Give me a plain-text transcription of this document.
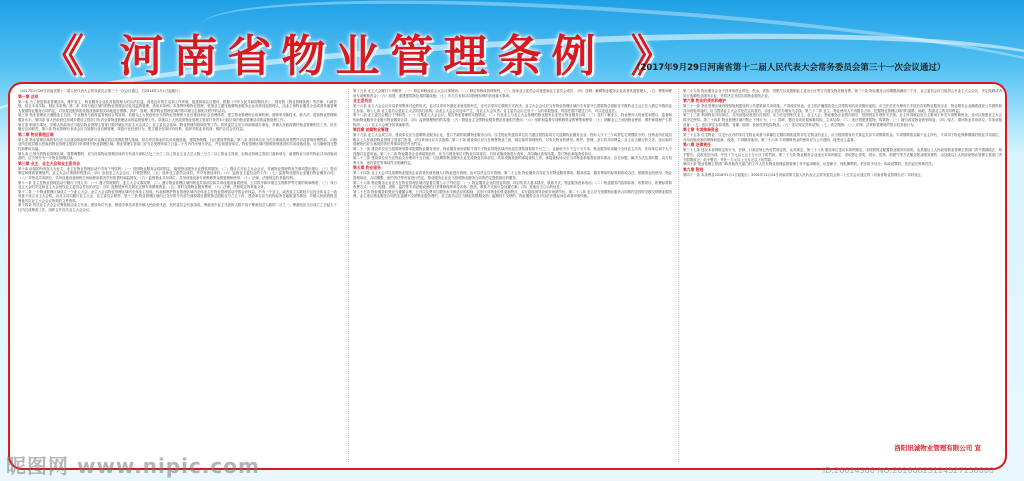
《 河南省物业管理条例 》
（2017年9月29日河南省第十二届人民代表大会常务委员会第三十一次会议通过）

（2017年9月29日河南省第十二届人民代表大会常务委员会第三十一次会议通过，自2018年1月1日起施行）

第一章 总则

第一条 为了规范物业管理活动，维护业主、物业服务企业及其他管理人的合法权益，营造良好的生活和工作环境，促进和谐社区建设，根据《中华人民共和国物权法》、国务院《物业管理条例》等法律、行政法规，结合本省实际，制定本条例。第二条 本省行政区域内的物业管理活动及其监督管理，适用本条例。本条例所称物业管理，是指业主通过选聘物业服务企业或者其他管理人，由业主和物业服务企业或者其他管理人按照物业服务合同约定，对房屋及配套的设施设备和相关场地进行维修、养护、管理，维护物业管理区域内的环境卫生和相关秩序的活动。

第三条 物业管理应当遵循业主自治、专业服务与政府监管相结合的原则。县级以上人民政府应当将物业管理纳入社区建设和社会治理体系，建立物业管理综合协调机制，鼓励采用新技术、新方法，提高物业管理和服务水平。第四条 省人民政府住房城乡建设主管部门负责全省物业管理活动的监督管理工作。县级以上人民政府物业管理主管部门负责本行政区域内物业管理活动的监督管理工作。

第五条 街道办事处、乡镇人民政府应当配合物业管理主管部门做好辖区内业主大会成立、业主委员会选举、物业管理纠纷调处等工作。居民委员会应当协助街道办事处、乡镇人民政府做好物业管理相关工作，依法履行自治职责。第六条 物业管理行业协会应当加强行业自律管理，规范行业经营行为，建立健全信用评价体系，组织开展业务培训，维护会员合法权益。

第二章 物业管理区域

第七条 物业管理区域的划分应当以建设用地规划许可证确定的红线图范围为基础，综合考虑物业的共用设施设备、建筑物规模、社区建设等因素。第八条 建设单位应当在办理商品房预售许可或者现房销售前，向物业所在地县级人民政府物业管理主管部门申请划分物业管理区域。物业管理主管部门应当自受理申请之日起二十日内作出划分决定，并告知建设单位。物业管理区域内按照规划建设的共用设施设备，应当确保其完整性和使用功能。

第九条 已划分的物业管理区域，需要调整的，应当经原物业管理区域内专有部分面积占比三分之二以上的业主且占总人数三分之二以上的业主同意，由物业管理主管部门重新划分。新建物业与原有物业共用设施设备的，应当划分为一个物业管理区域。

第三章 业主、业主大会和业主委员会

第十条 房屋的所有权人为业主。业主在物业管理活动中享有下列权利：（一）按照物业服务合同的约定，接受物业服务企业提供的服务；（二）提议召开业主大会会议，并就物业管理的有关事项提出建议；（三）提出制定和修改管理规约、业主大会议事规则的建议；（四）参加业主大会会议，行使投票权；（五）选举业主委员会成员，并享有被选举权；（六）监督业主委员会的工作；（七）监督物业服务企业履行物业服务合同；（八）对物业共用部位、共用设施设备和相关场地使用情况享有知情权和监督权；（九）监督物业共用部位、共用设施设备专项维修资金的管理和使用；（十）法律、法规规定的其他权利。

第十一条 业主在物业管理活动中履行下列义务：（一）遵守管理规约、业主大会议事规则；（二）遵守物业管理区域内物业共用部位和共用设施设备的使用、公共秩序和环境卫生的维护等方面的规章制度；（三）执行业主大会的决定和业主大会授权业主委员会作出的决定；（四）按照国家有关规定交纳专项维修资金；（五）按时交纳物业服务费用；（六）法律、法规规定的其他义务。

第十二条 一个物业管理区域成立一个业主大会。业主大会由物业管理区域内全体业主组成，代表和维护物业管理区域内全体业主在物业管理活动中的合法权益。只有一个业主，或者业主人数较少且经全体业主一致同意不成立业主大会的，由业主共同履行业主大会、业主委员会职责。第十三条 物业管理区域内已交付的专有部分面积超过建筑物总面积百分之五十时，建设单位应当向物业所在地街道办事处、乡镇人民政府报送筹备首次业主大会会议所需的文件资料。

第十四条 首次业主大会会议筹备组由业主代表、建设单位代表、街道办事处或者乡镇人民政府代表、居民委员会代表组成。筹备组中业主代表的人数不低于筹备组总人数的二分之一。筹备组应当自成立之日起九十日内完成筹备工作，组织召开首次业主大会会议。

第十五条 业主大会履行下列职责：（一）制定和修改业主大会议事规则；（二）制定和修改管理规约；（三）选举业主委员会或者更换业主委员会成员；（四）选聘、解聘物业服务企业或者其他管理人；（五）筹集和使用专项维修资金；（六）改建、重建建筑物及其附属设施；（七）有关共有和共同管理权利的其他重大事项。

业主委员会

第十六条 业主大会会议可以采用集体讨论的形式，也可以采用书面征求意见的形式，还可以采用互联网方式表决。业主大会会议应当有物业管理区域内专有部分占建筑物总面积过半数的业主且占总人数过半数的业主参加。第十七条 业主委员会是业主大会的执行机构，由业主大会会议选举产生，对业主大会负责。业主委员会由五至十一人的单数组成，每届任期不超过五年，可以连选连任。

第十八条 业主委员会履行下列职责：（一）召集业主大会会议，报告物业管理的实施情况；（二）代表业主与业主大会选聘的物业服务企业签订物业服务合同；（三）及时了解业主、物业使用人的意见和建议，监督和协助物业服务企业履行物业服务合同；（四）监督管理规约的实施；（五）督促业主交纳物业服务费及其他相关费用；（六）组织和监督专项维修资金的筹集和使用；（七）调解业主之间因物业使用、维护和管理产生的纠纷；（八）业主大会赋予的其他职责。

第四章 前期物业管理

第十九条 业主大会成立前，建设单位应当选聘物业服务企业，签订书面的前期物业服务合同。住宅物业的建设单位应当通过招投标的方式选聘物业服务企业；投标人少于三个或者住宅规模较小的，经物业所在地县级以上人民政府物业管理主管部门批准，可以采用协议方式选聘。第二十条 建设单位应当在销售物业之前，制定临时管理规约，对有关物业的使用、维护、管理，业主的共同利益，业主应当履行的义务，违反临时管理规约应当承担的责任等事项依法作出约定。

第二十一条 建设单位应当按照规划要求配置物业服务用房，物业服务用房面积不得少于物业管理区域内房屋总建筑面积的千分之三，且最低不少于五十平方米。物业服务用房属于全体业主共有，任何单位和个人不得擅自变更用途。第二十二条 物业服务企业承接物业时，应当与建设单位对物业共用部位、共用设施设备进行查验，共同确认查验结果，签订物业承接查验协议。

第二十三条 建设单位应当在物业交付使用十五日前，与选聘的物业服务企业完成物业共用部位、共用设施设备的承接查验工作。承接查验协议应当对物业承接查验基本情况、存在问题、解决方法及其时限、双方权利义务、违约责任等事项作出明确约定。

第五章 物业服务

第二十四条 业主大会可以选聘物业服务企业或者其他管理人对物业进行管理，也可以决定自行管理。第二十五条 物业服务合同应当对物业服务事项、服务质量、服务费用的标准和收取办法、维修资金的使用、物业管理用房、合同期限、违约责任等内容进行约定。物业服务企业应当按照物业服务合同的约定提供相应的服务。

第二十六条 物业服务企业应当在物业管理区域内显著位置公示下列信息：（一）物业服务企业的营业执照、项目负责人基本情况、联系方式、物业服务投诉电话；（二）物业服务内容和标准、收费项目、收费标准和收费方式；（三）电梯、消防、监控等专项设施设备的日常维修保养单位名称、资质、联系方式和应急处置方案；（四）其他应当公示的信息。

第二十七条 物业服务收费应当遵循合理、公开以及费用与服务水平相适应的原则，区别不同物业的性质和特点，实行政府指导价和市场调节价。第二十八条 业主应当按照物业服务合同的约定按时足额交纳物业服务费。业主违反物业服务合同约定逾期不交纳物业服务费的，业主委员会应当督促其限期交纳；逾期仍不交纳的，物业服务企业可以依法提起诉讼或者申请仲裁。

第二十九条 物业服务企业不得采取停止供电、供水、供热、供燃气以及限制业主进出小区等方式催交物业服务费。第三十条 物业服务合同期限届满前三个月，业主委员会应当组织召开业主大会会议，决定续聘或者另行选聘物业服务企业，并将决定书面告知物业服务企业。

第六章 物业的使用和维护

第三十一条 物业管理区域内按照规划建设的公共建筑和共用设施，不得改变用途。业主依法确需改变公共建筑和共用设施用途的，应当在依法办理有关手续后告知物业服务企业；物业服务企业确需改变公共建筑和共用设施用途的，应当提请业主大会讨论决定同意后，由业主依法办理有关手续。第三十二条 业主、物业使用人不得擅自占用、挖掘物业管理区域内的道路、场地，损害业主的共同利益。

第三十三条 利用物业共用部位、共用设施设备进行经营的，应当在征得相关业主、业主大会、物业服务企业的同意后，按照规定办理有关手续。业主所得收益应当主要用于补充专项维修资金，也可以按照业主大会的决定使用。第三十四条 物业管理区域内禁止下列行为：（一）损坏、擅自变动房屋承重结构、主体结构；（二）违法搭建建筑物、构筑物；（三）擅自改变物业规划用途；（四）侵占、损坏物业共用部位、共用设施设备；（五）违反规定存放易燃、易爆、剧毒、放射性等危险物品；（六）违反规定饲养动物；（七）高空抛物；（八）法律、法规和管理规约禁止的其他行为。

第七章 专项维修资金

第三十五条 住宅物业、住宅小区内的非住宅物业或者与单幢住宅楼结构相连的非住宅物业的业主，应当按照国家有关规定交存专项维修资金。专项维修资金属于业主所有，专项用于物业保修期满后物业共用部位、共用设施设备的维修和更新、改造，不得挪作他用。第三十六条 专项维修资金的使用应当公开透明，接受业主监督。

第八章 法律责任

第三十七条 违反本条例规定的行为，法律、行政法规已有处罚规定的，从其规定。第三十八条 建设单位违反本条例规定，未按照规定配置物业服务用房的，由县级以上人民政府物业管理主管部门责令限期改正，给予警告，没收违法所得，并处十万元以上五十万元以下的罚款。第三十九条 物业服务企业违反本条例规定，采取停止供电、供水、供热、供燃气等方式催交物业服务费的，由县级以上人民政府物业管理主管部门责令限期改正，给予警告，并处一万元以上五万元以下的罚款。

第四十条 物业管理主管部门和其他有关部门的工作人员在物业管理监督管理工作中滥用职权、玩忽职守、徇私舞弊的，依法给予处分；构成犯罪的，依法追究刑事责任。

第九章 附则

第四十一条 本条例自2018年1月1日起施行。2001年11月24日河南省第九届人民代表大会常务委员会第二十五次会议通过的《河南省物业管理办法》同时废止。

洛阳讯诚物业管理有限公司 宣
昵图网 www.nipic.com	ID:26614366 NO:20180823124527138000
